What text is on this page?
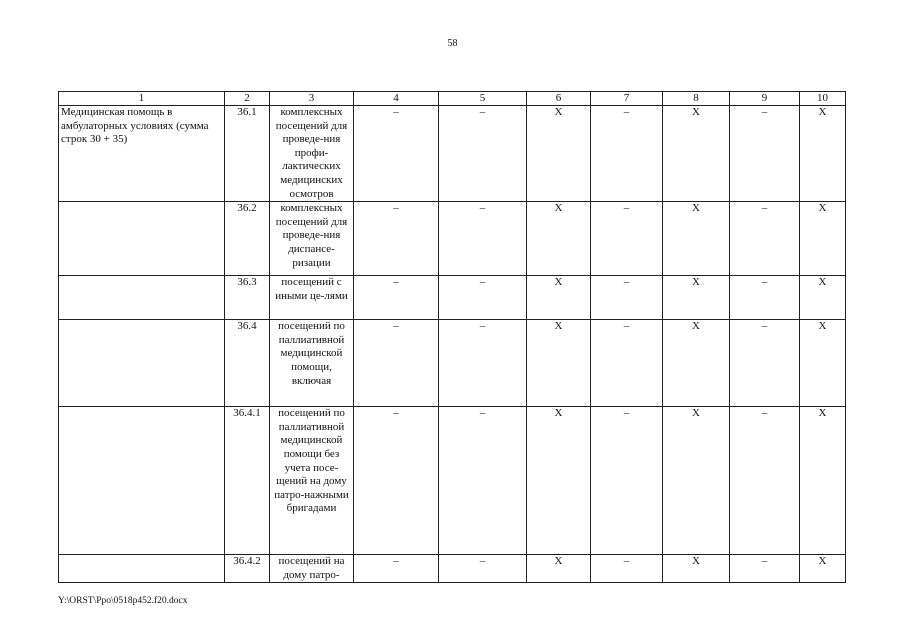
58
1	2	3	4	5	6	7	8	9	10
Медицинская помощь в амбулаторных условиях (сумма строк 30 + 35)	36.1	комплексных посещений для проведе-ния профи-лактических медицинских осмотров	–	–	Х	–	Х	–	Х
	36.2	комплексных посещений для проведе-ния диспансе-ризации	–	–	Х	–	Х	–	Х
	36.3	посещений с иными це-лями	–	–	Х	–	Х	–	Х
	36.4	посещений по паллиативной медицинской помощи, включая	–	–	Х	–	Х	–	Х
	36.4.1	посещений по паллиативной медицинской помощи без учета посе-щений на дому патро-нажными бригадами	–	–	Х	–	Х	–	Х
	36.4.2	посещений на дому патро-	–	–	Х	–	Х	–	Х
Y:\ORST\Ppo\0518p452.f20.docx
